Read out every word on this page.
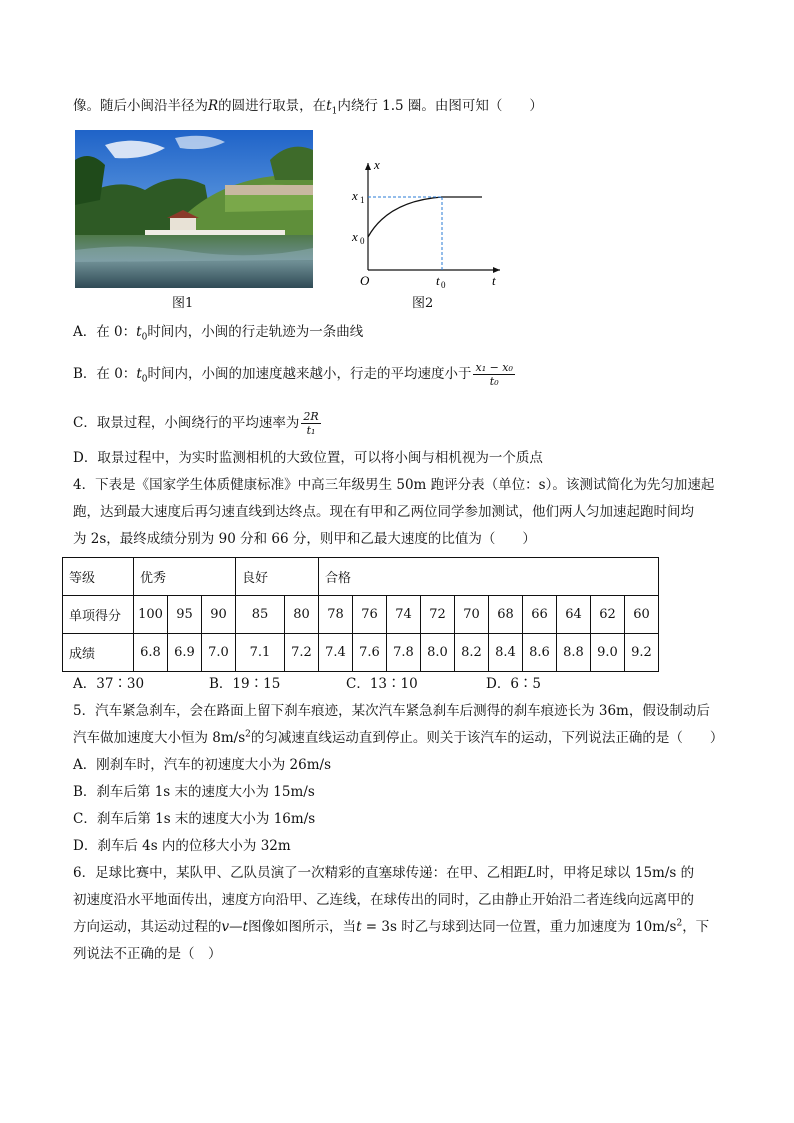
像。随后小闽沿半径为R的圆进行取景，在$t_1$内绕行 1.5 圈。由图可知（　　）
图1
x
t
O
x 1
x 0
t 0
图2
A．在 0：$t_0$时间内，小闽的行走轨迹为一条曲线
B．在 0：$t_0$时间内，小闽的加速度越来越小，行走的平均速度小于 $\frac{\text{x₁ − x₀}}{\text{t₀}}$
C．取景过程，小闽绕行的平均速率为 $\frac{2R}{\text{t₁}}$
D．取景过程中，为实时监测相机的大致位置，可以将小闽与相机视为一个质点
4．下表是《国家学生体质健康标准》中高三年级男生 50m 跑评分表（单位：s）。该测试简化为先匀加速起
跑，达到最大速度后再匀速直线到达终点。现在有甲和乙两位同学参加测试，他们两人匀加速起跑时间均
为 2s，最终成绩分别为 90 分和 66 分，则甲和乙最大速度的比值为（　　）
等级	优秀			良好		合格									
单项得分	100	95	90	85	80	78	76	74	72	70	68	66	64	62	60
成绩	6.8	6.9	7.0	7.1	7.2	7.4	7.6	7.8	8.0	8.2	8.4	8.6	8.8	9.0	9.2
A．37∶30	B．19∶15	C．13∶10	D．6∶5
5．汽车紧急刹车，会在路面上留下刹车痕迹，某次汽车紧急刹车后测得的刹车痕迹长为 36m，假设制动后
汽车做加速度大小恒为 $8m/s^2$的匀减速直线运动直到停止。则关于该汽车的运动，下列说法正确的是（　　）
A．刚刹车时，汽车的初速度大小为 26m/s
B．刹车后第 1s 末的速度大小为 15m/s
C．刹车后第 1s 末的速度大小为 16m/s
D．刹车后 4s 内的位移大小为 32m
6．足球比赛中，某队甲、乙队员演了一次精彩的直塞球传递：在甲、乙相距L时，甲将足球以 15m/s 的
初速度沿水平地面传出，速度方向沿甲、乙连线，在球传出的同时，乙由静止开始沿二者连线向远离甲的
方向运动，其运动过程的v—t图像如图所示，当t = 3s 时乙与球到达同一位置，重力加速度为 $10m/s^2$，下
列说法不正确的是（　）
